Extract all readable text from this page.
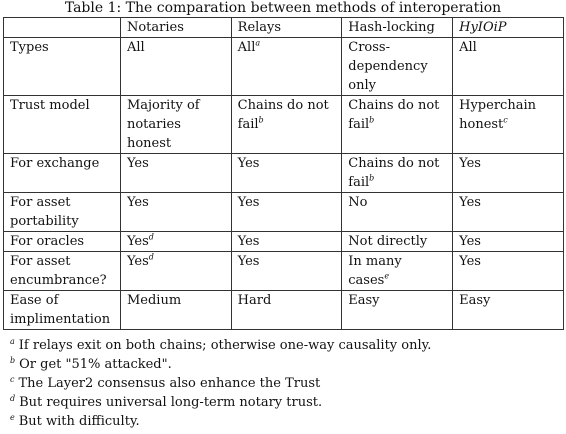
Table 1: The comparation between methods of interoperation
	Notaries	Relays	Hash-locking	HyIOiP
Types	All	All$^a$	Cross-dependency only	All
Trust model	Majority of notaries honest	Chains do not fail$^b$	Chains do not fail$^b$	Hyperchain honest$^c$
For exchange	Yes	Yes	Chains do not fail$^b$	Yes
For asset portability	Yes	Yes	No	Yes
For oracles	Yes$^d$	Yes	Not directly	Yes
For asset encumbrance?	Yes$^d$	Yes	In many cases$^e$	Yes
Ease of implimentation	Medium	Hard	Easy	Easy
$^a$ If relays exit on both chains; otherwise one-way causality only.
$^b$ Or get "51% attacked".
$^c$ The Layer2 consensus also enhance the Trust
$^d$ But requires universal long-term notary trust.
$^e$ But with difficulty.
